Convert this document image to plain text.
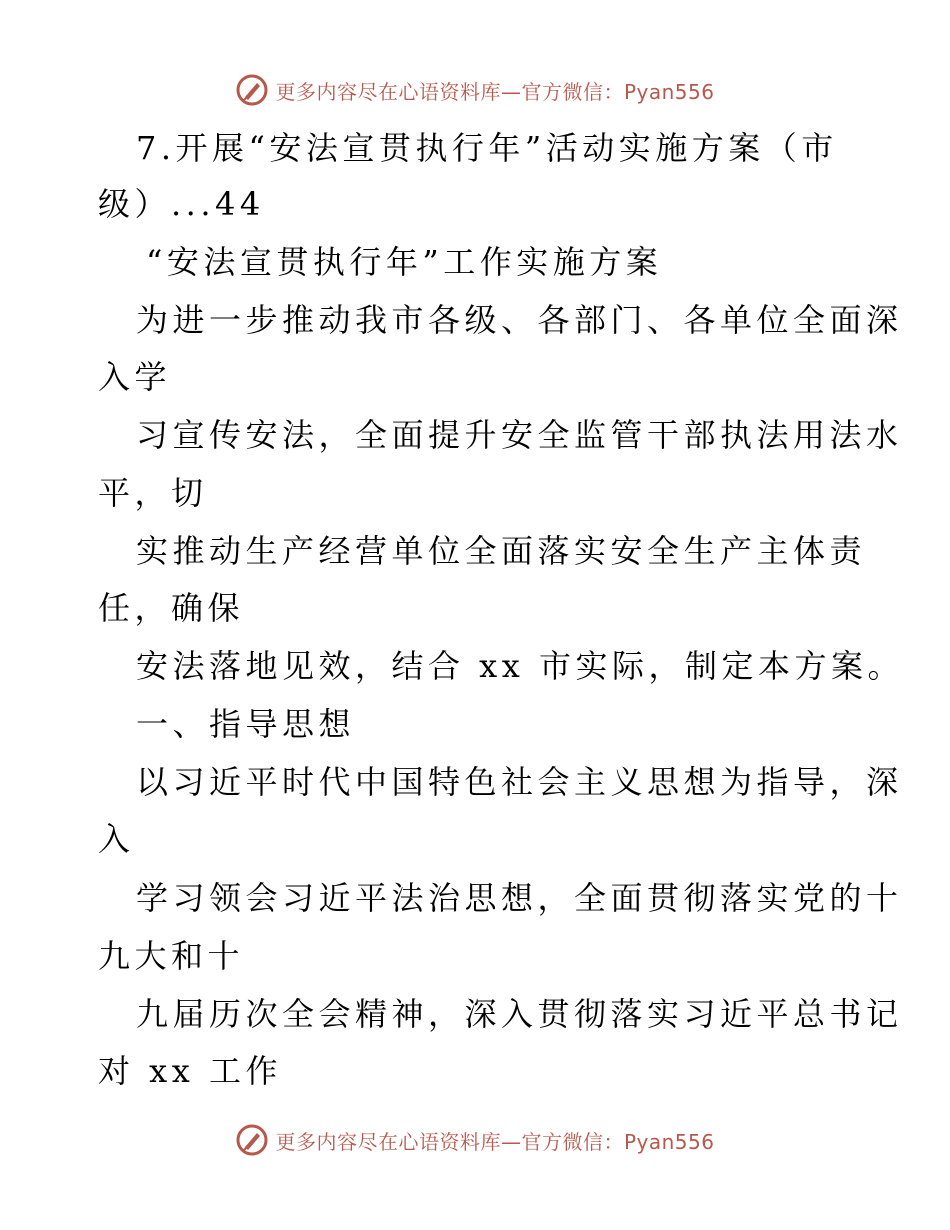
更多内容尽在心语资料库—官方微信：Pyan556
7.开展“安法宣贯执行年”活动实施方案（市
级）...44
“安法宣贯执行年”工作实施方案
为进一步推动我市各级、各部门、各单位全面深
入学
习宣传安法，全面提升安全监管干部执法用法水
平，切
实推动生产经营单位全面落实安全生产主体责
任，确保
安法落地见效，结合 xx 市实际，制定本方案。
一、指导思想
以习近平时代中国特色社会主义思想为指导，深
入
学习领会习近平法治思想，全面贯彻落实党的十
九大和十
九届历次全会精神，深入贯彻落实习近平总书记
对 xx 工作
更多内容尽在心语资料库—官方微信：Pyan556
